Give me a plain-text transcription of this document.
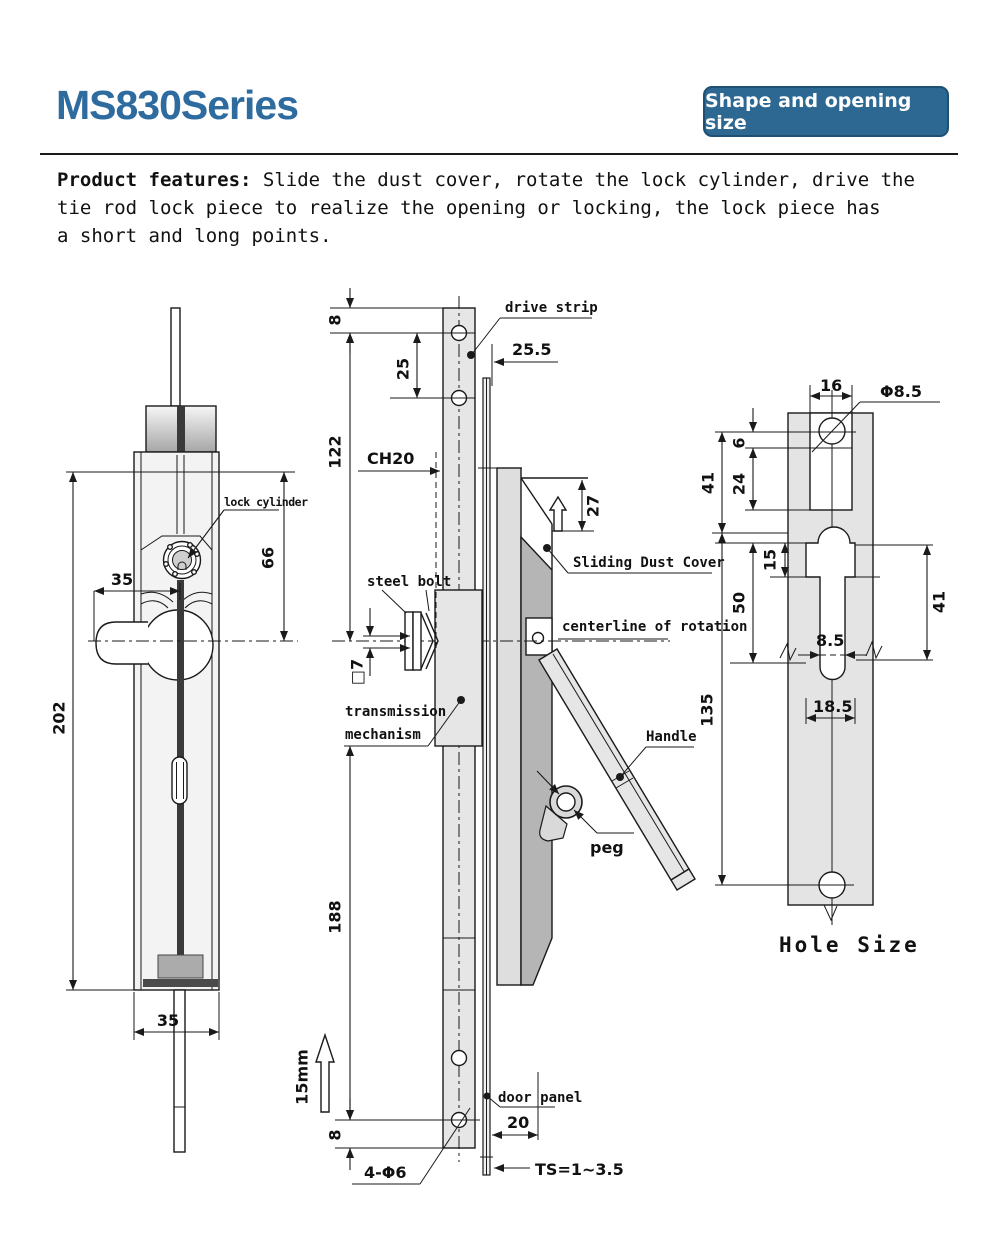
MS830Series	Shape and opening size
Product features: Slide the dust cover, rotate the lock cylinder, drive the
tie rod lock piece to realize the opening or locking, the lock piece has
a short and long points.
202
66
35
35
lock cylinder	27
Sliding Dust Cover
centerline of rotation
transmission
mechanism
steel bolt
□7
Handle
peg
8
25
122
188
8
drive strip
25.5
CH20
15mm
4-Φ6
door panel
20
TS=1~3.5
16 Φ8.5
6
24
41
15
50
135
41
8.5
18.5
Hole Size
